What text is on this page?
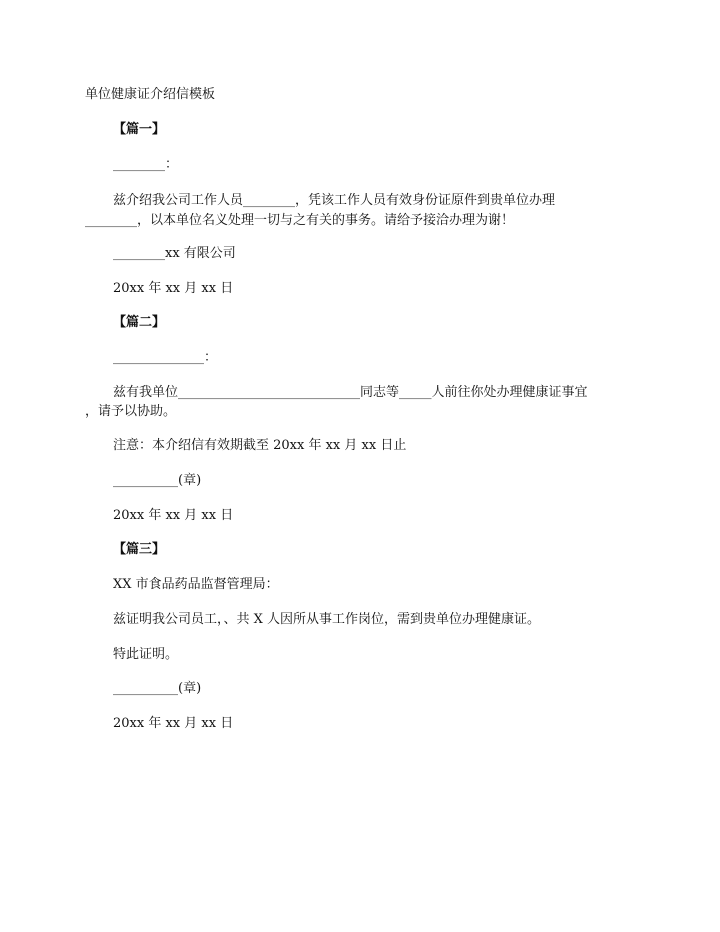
单位健康证介绍信模板
【篇一】
________：
兹介绍我公司工作人员________，凭该工作人员有效身份证原件到贵单位办理
________，以本单位名义处理一切与之有关的事务。请给予接洽办理为谢！
________xx 有限公司
20xx 年 xx 月 xx 日
【篇二】
______________：
兹有我单位____________________________同志等_____人前往你处办理健康证事宜
，请予以协助。
注意：本介绍信有效期截至 20xx 年 xx 月 xx 日止
__________(章)
20xx 年 xx 月 xx 日
【篇三】
XX 市食品药品监督管理局：
兹证明我公司员工，、共 X 人因所从事工作岗位，需到贵单位办理健康证。
特此证明。
__________(章)
20xx 年 xx 月 xx 日
